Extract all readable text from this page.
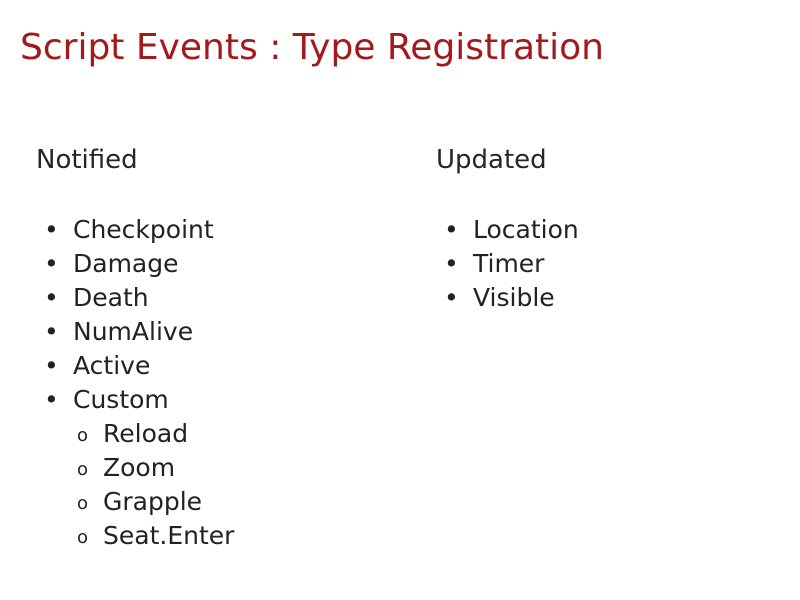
Script Events : Type Registration
Notified	Updated
• Checkpoint
• Damage
• Death
• NumAlive
• Active
• Custom
o Reload
o Zoom
o Grapple
o Seat.Enter
• Location
• Timer
• Visible
